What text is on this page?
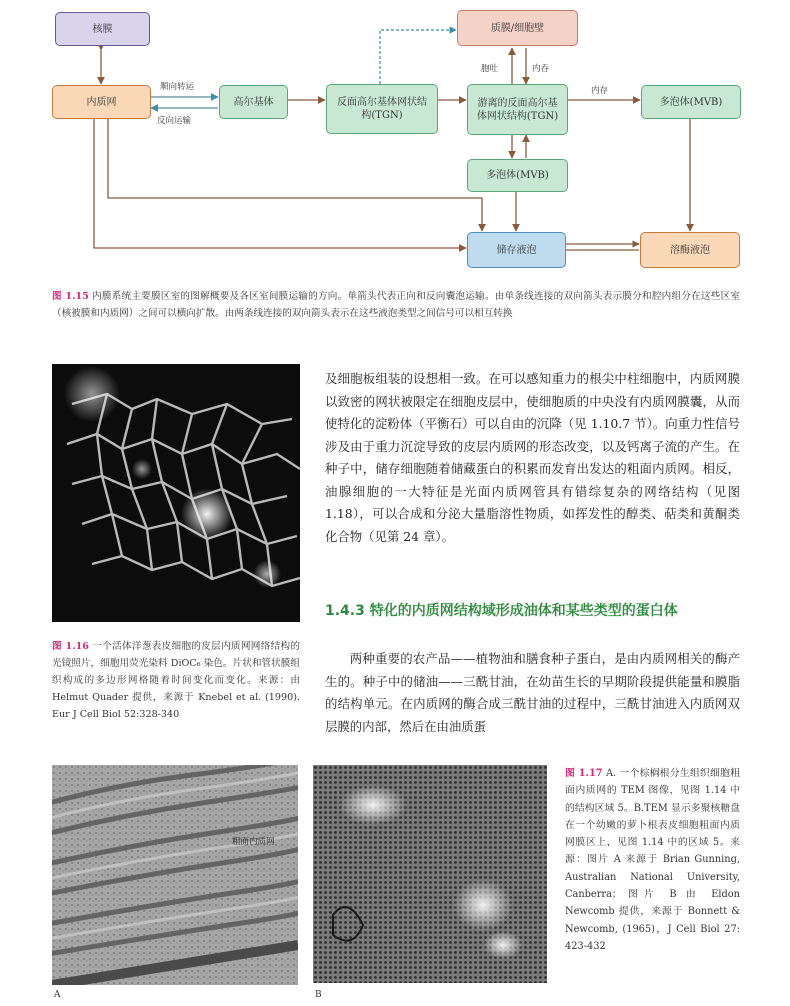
核膜
内质网	高尔基体	反面高尔基体网状结构(TGN)
游离的反面高尔基体网状结构(TGN)
质膜/细胞壁
多泡体(MVB)
多泡体(MVB)
储存液泡	溶酶液泡
顺向转运
反向运输
胞吐	内吞
内存
图 1.15 内膜系统主要膜区室的图解概要及各区室间膜运输的方向。单箭头代表正向和反向囊泡运输。由单条线连接的双向箭头表示膜分和腔内组分在这些区室（核被膜和内质网）之间可以横向扩散。由两条线连接的双向箭头表示在这些液泡类型之间信号可以相互转换
图 1.16 一个活体洋葱表皮细胞的皮层内质网网络结构的光镜照片，细胞用荧光染料 DiOC₆ 染色。片状和管状膜组织构成的多边形网格随着时间变化而变化。来源：由 Helmut Quader 提供，来源于 Knebel et al. (1990). Eur J Cell Biol 52:328-340
及细胞板组装的设想相一致。在可以感知重力的根尖中柱细胞中，内质网膜以致密的网状被限定在细胞皮层中，使细胞质的中央没有内质网膜囊，从而使特化的淀粉体（平衡石）可以自由的沉降（见 1.10.7 节）。向重力性信号涉及由于重力沉淀导致的皮层内质网的形态改变，以及钙离子流的产生。在种子中，储存细胞随着储藏蛋白的积累而发育出发达的粗面内质网。相反，油腺细胞的一大特征是光面内质网管具有错综复杂的网络结构（见图 1.18），可以合成和分泌大量脂溶性物质，如挥发性的醇类、萜类和黄酮类化合物（见第 24 章）。
1.4.3 特化的内质网结构域形成油体和某些类型的蛋白体
两种重要的农产品——植物油和膳食种子蛋白，是由内质网相关的酶产生的。种子中的储油——三酰甘油，在幼苗生长的早期阶段提供能量和膜脂的结构单元。在内质网的酶合成三酰甘油的过程中，三酰甘油进入内质网双层膜的内部，然后在由油质蛋
粗面内质网
A	B
图 1.17 A. 一个棕榈根分生组织细胞粗面内质网的 TEM 图像，见图 1.14 中的结构区域 5。B.TEM 显示多聚核糖盘在一个幼嫩的萝卜根表皮细胞粗面内质网膜区上，见图 1.14 中的区域 5。来源：图片 A 来源于 Brian Gunning, Australian National University, Canberra；图片 B 由 Eldon Newcomb 提供，来源于 Bonnett & Newcomb, (1965)，J Cell Biol 27: 423-432
